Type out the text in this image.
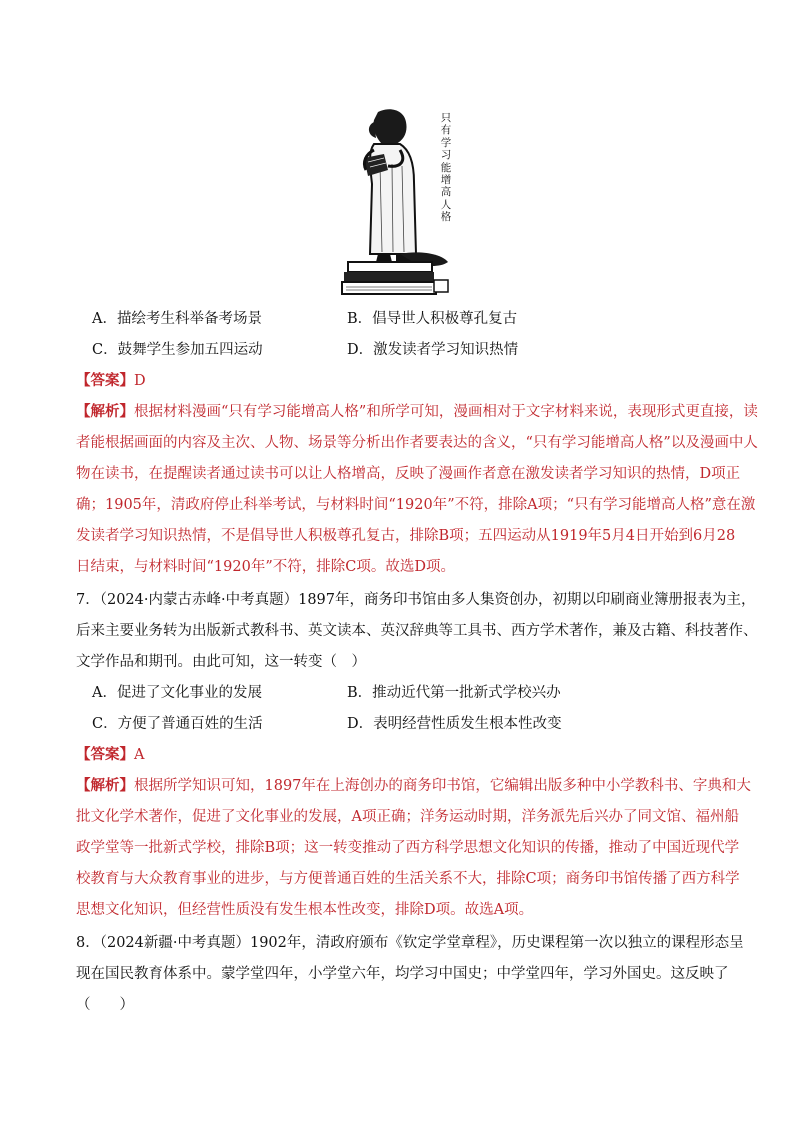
只
有
学
习
能
增
高
人
格
A．描绘考生科举备考场景	B．倡导世人积极尊孔复古
C．鼓舞学生参加五四运动	D．激发读者学习知识热情
【答案】D
【解析】根据材料漫画“只有学习能增高人格”和所学可知，漫画相对于文字材料来说，表现形式更直接，读
者能根据画面的内容及主次、人物、场景等分析出作者要表达的含义，“只有学习能增高人格”以及漫画中人
物在读书，在提醒读者通过读书可以让人格增高，反映了漫画作者意在激发读者学习知识的热情，D项正
确；1905年，清政府停止科举考试，与材料时间“1920年”不符，排除A项；“只有学习能增高人格”意在激
发读者学习知识热情，不是倡导世人积极尊孔复古，排除B项；五四运动从1919年5月4日开始到6月28
日结束，与材料时间“1920年”不符，排除C项。故选D项。
7．（2024·内蒙古赤峰·中考真题）1897年，商务印书馆由多人集资创办，初期以印刷商业簿册报表为主，
后来主要业务转为出版新式教科书、英文读本、英汉辞典等工具书、西方学术著作，兼及古籍、科技著作、
文学作品和期刊。由此可知，这一转变（　）
A．促进了文化事业的发展	B．推动近代第一批新式学校兴办
C．方便了普通百姓的生活	D．表明经营性质发生根本性改变
【答案】A
【解析】根据所学知识可知，1897年在上海创办的商务印书馆，它编辑出版多种中小学教科书、字典和大
批文化学术著作，促进了文化事业的发展，A项正确；洋务运动时期，洋务派先后兴办了同文馆、福州船
政学堂等一批新式学校，排除B项；这一转变推动了西方科学思想文化知识的传播，推动了中国近现代学
校教育与大众教育事业的进步，与方便普通百姓的生活关系不大，排除C项；商务印书馆传播了西方科学
思想文化知识，但经营性质没有发生根本性改变，排除D项。故选A项。
8．（2024新疆·中考真题）1902年，清政府颁布《钦定学堂章程》，历史课程第一次以独立的课程形态呈
现在国民教育体系中。蒙学堂四年，小学堂六年，均学习中国史；中学堂四年，学习外国史。这反映了
（　　）
